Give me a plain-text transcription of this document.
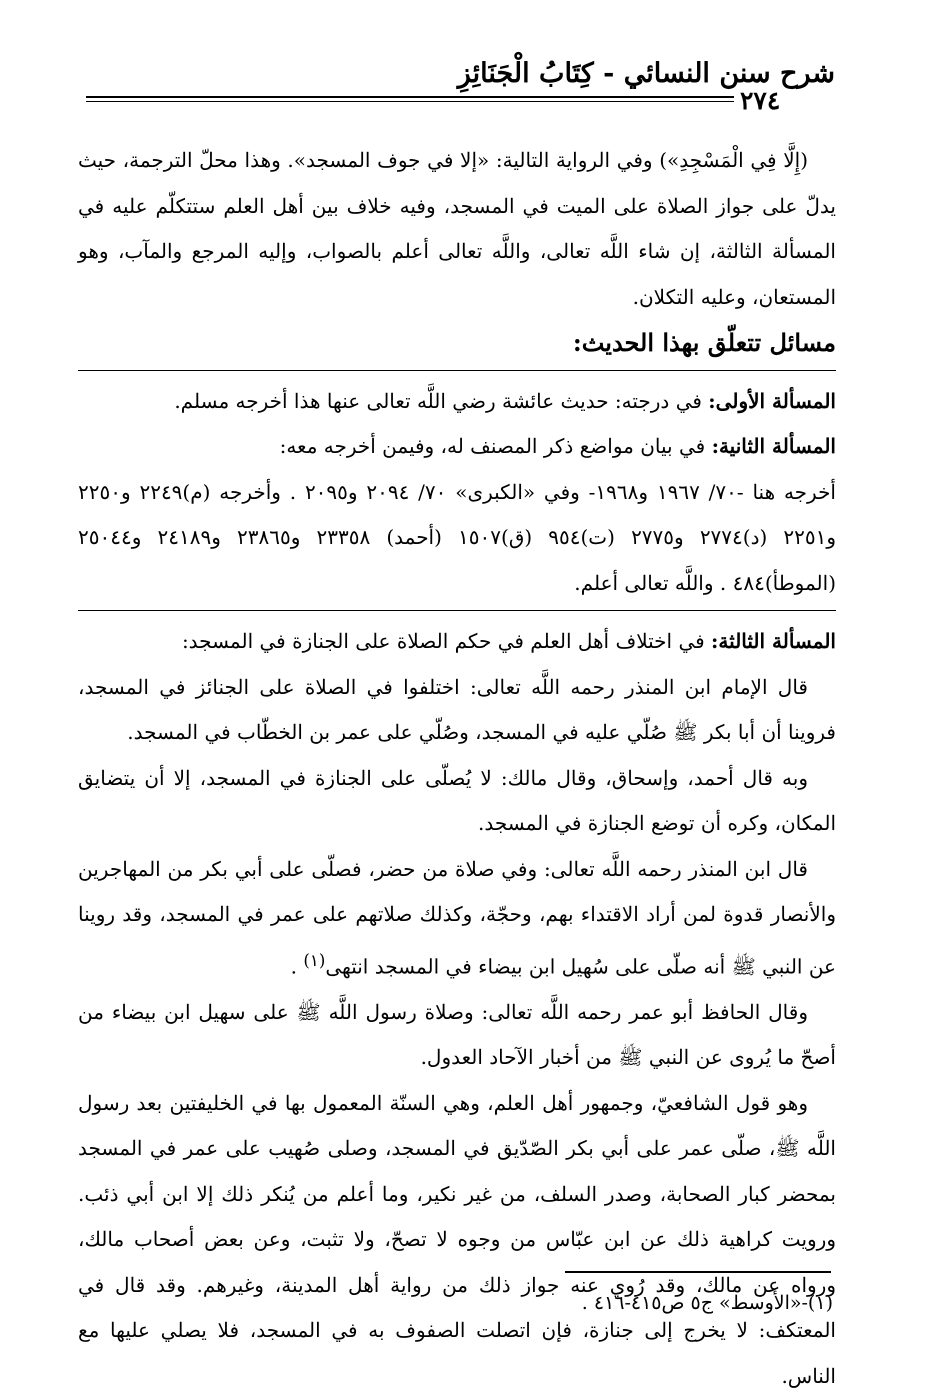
شرح سنن النسائي - كِتَابُ الْجَنَائِزِ
٢٧٤

(إِلَّا فِي الْمَسْجِدِ») وفي الرواية التالية: «إلا في جوف المسجد». وهذا محلّ الترجمة، حيث يدلّ على جواز الصلاة على الميت في المسجد، وفيه خلاف بين أهل العلم ستتكلّم عليه في المسألة الثالثة، إن شاء اللَّه تعالى، واللَّه تعالى أعلم بالصواب، وإليه المرجع والمآب، وهو المستعان، وعليه التكلان.

مسائل تتعلّق بهذا الحديث:

المسألة الأولى: في درجته: حديث عائشة رضي اللَّه تعالى عنها هذا أخرجه مسلم.

المسألة الثانية: في بيان مواضع ذكر المصنف له، وفيمن أخرجه معه:

أخرجه هنا -٧٠/ ١٩٦٧ و١٩٦٨- وفي «الكبرى» ٧٠/ ٢٠٩٤ و٢٠٩٥ . وأخرجه (م)٢٢٤٩ و٢٢٥٠ و٢٢٥١ (د)٢٧٧٤ و٢٧٧٥ (ت)٩٥٤ (ق)١٥٠٧ (أحمد) ٢٣٣٥٨ و٢٣٨٦٥ و٢٤١٨٩ و٢٥٠٤٤ (الموطأ)٤٨٤ . واللَّه تعالى أعلم.

المسألة الثالثة: في اختلاف أهل العلم في حكم الصلاة على الجنازة في المسجد:

قال الإمام ابن المنذر رحمه اللَّه تعالى: اختلفوا في الصلاة على الجنائز في المسجد، فروينا أن أبا بكر ﷺ صُلّي عليه في المسجد، وصُلّي على عمر بن الخطّاب في المسجد.

وبه قال أحمد، وإسحاق، وقال مالك: لا يُصلّى على الجنازة في المسجد، إلا أن يتضايق المكان، وكره أن توضع الجنازة في المسجد.

قال ابن المنذر رحمه اللَّه تعالى: وفي صلاة من حضر، فصلّى على أبي بكر من المهاجرين والأنصار قدوة لمن أراد الاقتداء بهم، وحجّة، وكذلك صلاتهم على عمر في المسجد، وقد روينا عن النبي ﷺ أنه صلّى على سُهيل ابن بيضاء في المسجد انتهى$^{(١)}$ .

وقال الحافظ أبو عمر رحمه اللَّه تعالى: وصلاة رسول اللَّه ﷺ على سهيل ابن بيضاء من أصحّ ما يُروى عن النبي ﷺ من أخبار الآحاد العدول.

وهو قول الشافعيّ، وجمهور أهل العلم، وهي السنّة المعمول بها في الخليفتين بعد رسول اللَّه ﷺ، صلّى عمر على أبي بكر الصّدّيق في المسجد، وصلى صُهيب على عمر في المسجد بمحضر كبار الصحابة، وصدر السلف، من غير نكير، وما أعلم من يُنكر ذلك إلا ابن أبي ذئب. ورويت كراهية ذلك عن ابن عبّاس من وجوه لا تصحّ، ولا تثبت، وعن بعض أصحاب مالك، ورواه عن مالك، وقد رُوي عنه جواز ذلك من رواية أهل المدينة، وغيرهم. وقد قال في المعتكف: لا يخرج إلى جنازة، فإن اتصلت الصفوف به في المسجد، فلا يصلي عليها مع الناس.

(١)-«الأوسط» ج٥ ص٤١٥-٤١٦ .
